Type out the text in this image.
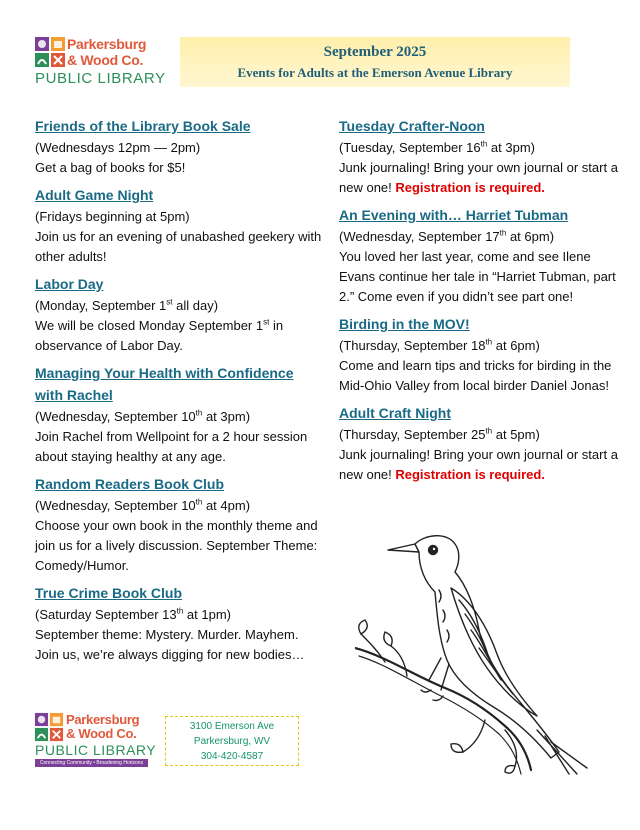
Parkersburg
& Wood Co.
PUBLIC LIBRARY
September 2025
Events for Adults at the Emerson Avenue Library
Friends of the Library Book Sale

(Wednesdays 12pm — 2pm)

Get a bag of books for $5!

Adult Game Night

(Fridays beginning at 5pm)

Join us for an evening of unabashed geekery with other adults!

Labor Day

(Monday, September 1st all day)

We will be closed Monday September 1st in observance of Labor Day.

Managing Your Health with Confidence with Rachel

(Wednesday, September 10th at 3pm)

Join Rachel from Wellpoint for a 2 hour session about staying healthy at any age.

Random Readers Book Club

(Wednesday, September 10th at 4pm)

Choose your own book in the monthly theme and join us for a lively discussion. September Theme: Comedy/Humor.

True Crime Book Club

(Saturday September 13th at 1pm)

September theme: Mystery. Murder. Mayhem. Join us, we’re always digging for new bodies…

Tuesday Crafter-Noon

(Tuesday, September 16th at 3pm)

Junk journaling! Bring your own journal or start a new one! Registration is required.

An Evening with… Harriet Tubman

(Wednesday, September 17th at 6pm)

You loved her last year, come and see Ilene Evans continue her tale in “Harriet Tubman, part 2.” Come even if you didn’t see part one!

Birding in the MOV!

(Thursday, September 18th at 6pm)

Come and learn tips and tricks for birding in the Mid-Ohio Valley from local birder Daniel Jonas!

Adult Craft Night

(Thursday, September 25th at 5pm)

Junk journaling! Bring your own journal or start a new one! Registration is required.

Parkersburg
& Wood Co.
PUBLIC LIBRARY
Connecting Community • Broadening Horizons
3100 Emerson Ave
Parkersburg, WV
304-420-4587
